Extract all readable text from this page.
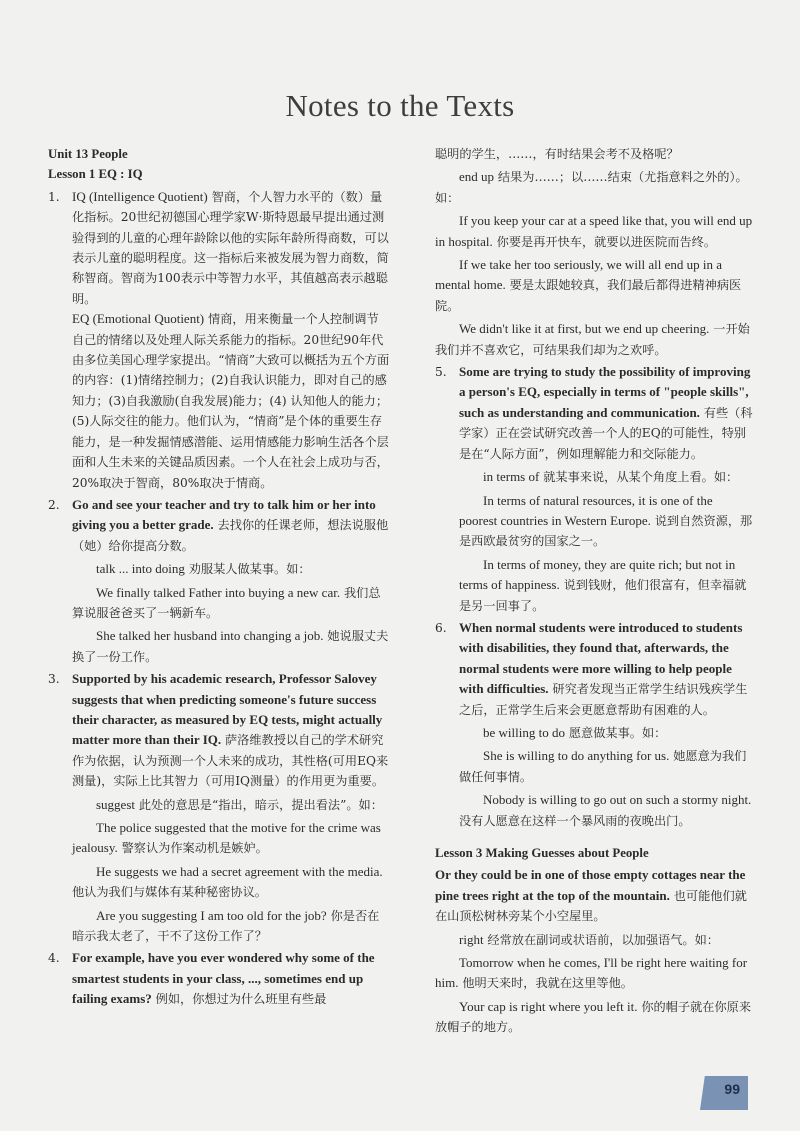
Notes to the Texts
Unit 13 People
Lesson 1 EQ : IQ
1. IQ (Intelligence Quotient) 智商，个人智力水平的（数）量化指标。20世纪初德国心理学家W·斯特恩最早提出通过测验得到的儿童的心理年龄除以他的实际年龄所得商数，可以表示儿童的聪明程度。这一指标后来被发展为智力商数，简称智商。智商为100表示中等智力水平，其值越高表示越聪明。

EQ (Emotional Quotient) 情商，用来衡量一个人控制调节自己的情绪以及处理人际关系能力的指标。20世纪90年代由多位美国心理学家提出。“情商”大致可以概括为五个方面的内容：(1)情绪控制力；(2)自我认识能力，即对自己的感知力；(3)自我激励(自我发展)能力；(4) 认知他人的能力；(5)人际交往的能力。他们认为，“情商”是个体的重要生存能力，是一种发掘情感潜能、运用情感能力影响生活各个层面和人生未来的关键品质因素。一个人在社会上成功与否，20%取决于智商，80%取决于情商。

2. Go and see your teacher and try to talk him or her into giving you a better grade. 去找你的任课老师，想法说服他（她）给你提高分数。

talk ... into doing 劝服某人做某事。如：

We finally talked Father into buying a new car. 我们总算说服爸爸买了一辆新车。

She talked her husband into changing a job. 她说服丈夫换了一份工作。

3. Supported by his academic research, Professor Salovey suggests that when predicting someone's future success their character, as measured by EQ tests, might actually matter more than their IQ. 萨洛维教授以自己的学术研究作为依据，认为预测一个人未来的成功，其性格(可用EQ来测量)，实际上比其智力（可用IQ测量）的作用更为重要。

suggest 此处的意思是“指出，暗示，提出看法”。如：

The police suggested that the motive for the crime was jealousy. 警察认为作案动机是嫉妒。

He suggests we had a secret agreement with the media. 他认为我们与媒体有某种秘密协议。

Are you suggesting I am too old for the job? 你是否在暗示我太老了，干不了这份工作了？

4. For example, have you ever wondered why some of the smartest students in your class, ..., sometimes end up failing exams? 例如，你想过为什么班里有些最

聪明的学生，……，有时结果会考不及格呢？

end up 结果为……；以……结束（尤指意料之外的）。如：

If you keep your car at a speed like that, you will end up in hospital. 你要是再开快车，就要以进医院而告终。

If we take her too seriously, we will all end up in a mental home. 要是太跟她较真，我们最后都得进精神病医院。

We didn't like it at first, but we end up cheering. 一开始我们并不喜欢它，可结果我们却为之欢呼。

5. Some are trying to study the possibility of improving a person's EQ, especially in terms of "people skills", such as understanding and communication. 有些（科学家）正在尝试研究改善一个人的EQ的可能性，特别是在“人际方面”，例如理解能力和交际能力。

in terms of 就某事来说，从某个角度上看。如：

In terms of natural resources, it is one of the poorest countries in Western Europe. 说到自然资源，那是西欧最贫穷的国家之一。

In terms of money, they are quite rich; but not in terms of happiness. 说到钱财，他们很富有，但幸福就是另一回事了。

6. When normal students were introduced to students with disabilities, they found that, afterwards, the normal students were more willing to help people with difficulties. 研究者发现当正常学生结识残疾学生之后，正常学生后来会更愿意帮助有困难的人。

be willing to do 愿意做某事。如：

She is willing to do anything for us. 她愿意为我们做任何事情。

Nobody is willing to go out on such a stormy night. 没有人愿意在这样一个暴风雨的夜晚出门。

Lesson 3 Making Guesses about People

Or they could be in one of those empty cottages near the pine trees right at the top of the mountain. 也可能他们就在山顶松树林旁某个小空屋里。

right 经常放在副词或状语前，以加强语气。如：

Tomorrow when he comes, I'll be right here waiting for him. 他明天来时，我就在这里等他。

Your cap is right where you left it. 你的帽子就在你原来放帽子的地方。

99
